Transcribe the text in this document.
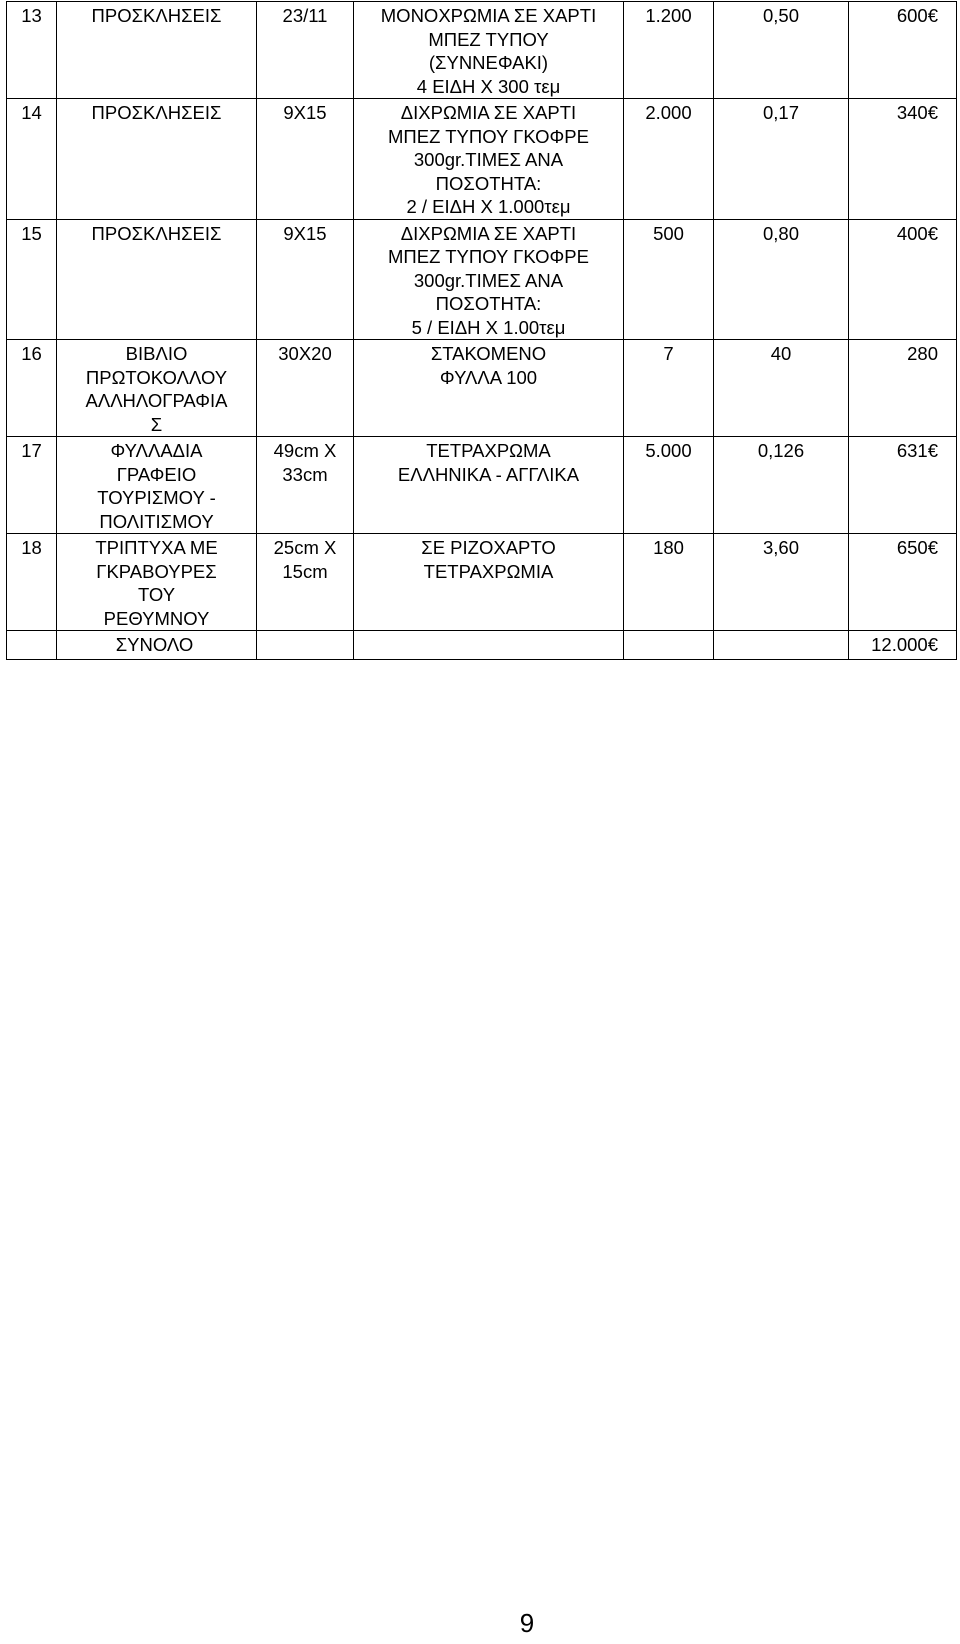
13	ΠΡΟΣΚΛΗΣΕΙΣ	23/11	ΜΟΝΟΧΡΩΜΙΑ ΣΕ ΧΑΡΤΙ
ΜΠΕΖ ΤΥΠΟΥ
(ΣΥΝΝΕΦΑΚΙ)
4 ΕΙΔΗ Χ 300 τεμ	1.200	0,50	600€
14	ΠΡΟΣΚΛΗΣΕΙΣ	9Χ15	ΔΙΧΡΩΜΙΑ ΣΕ ΧΑΡΤΙ
ΜΠΕΖ ΤΥΠΟΥ ΓΚΟΦΡΕ
300gr.ΤΙΜΕΣ ΑΝΑ
ΠΟΣΟΤΗΤΑ:
2 / ΕΙΔΗ Χ 1.000τεμ	2.000	0,17	340€
15	ΠΡΟΣΚΛΗΣΕΙΣ	9Χ15	ΔΙΧΡΩΜΙΑ ΣΕ ΧΑΡΤΙ
ΜΠΕΖ ΤΥΠΟΥ ΓΚΟΦΡΕ
300gr.ΤΙΜΕΣ ΑΝΑ
ΠΟΣΟΤΗΤΑ:
5 / ΕΙΔΗ Χ 1.00τεμ	500	0,80	400€
16	ΒΙΒΛΙΟ
ΠΡΩΤΟΚΟΛΛΟΥ
ΑΛΛΗΛΟΓΡΑΦΙΑ
Σ	30Χ20	ΣΤΑΚΟΜΕΝΟ
ΦΥΛΛΑ 100	7	40	280
17	ΦΥΛΛΑΔΙΑ
ΓΡΑΦΕΙΟ
ΤΟΥΡΙΣΜΟΥ -
ΠΟΛΙΤΙΣΜΟΥ	49cm X
33cm	ΤΕΤΡΑΧΡΩΜΑ
ΕΛΛΗΝΙΚΑ - ΑΓΓΛΙΚΑ	5.000	0,126	631€
18	ΤΡΙΠΤΥΧΑ ΜΕ
ΓΚΡΑΒΟΥΡΕΣ
ΤΟΥ
ΡΕΘΥΜΝΟΥ	25cm X
15cm	ΣΕ ΡΙΖΟΧΑΡΤΟ
ΤΕΤΡΑΧΡΩΜΙΑ	180	3,60	650€
	ΣΥΝΟΛΟ					12.000€
9
